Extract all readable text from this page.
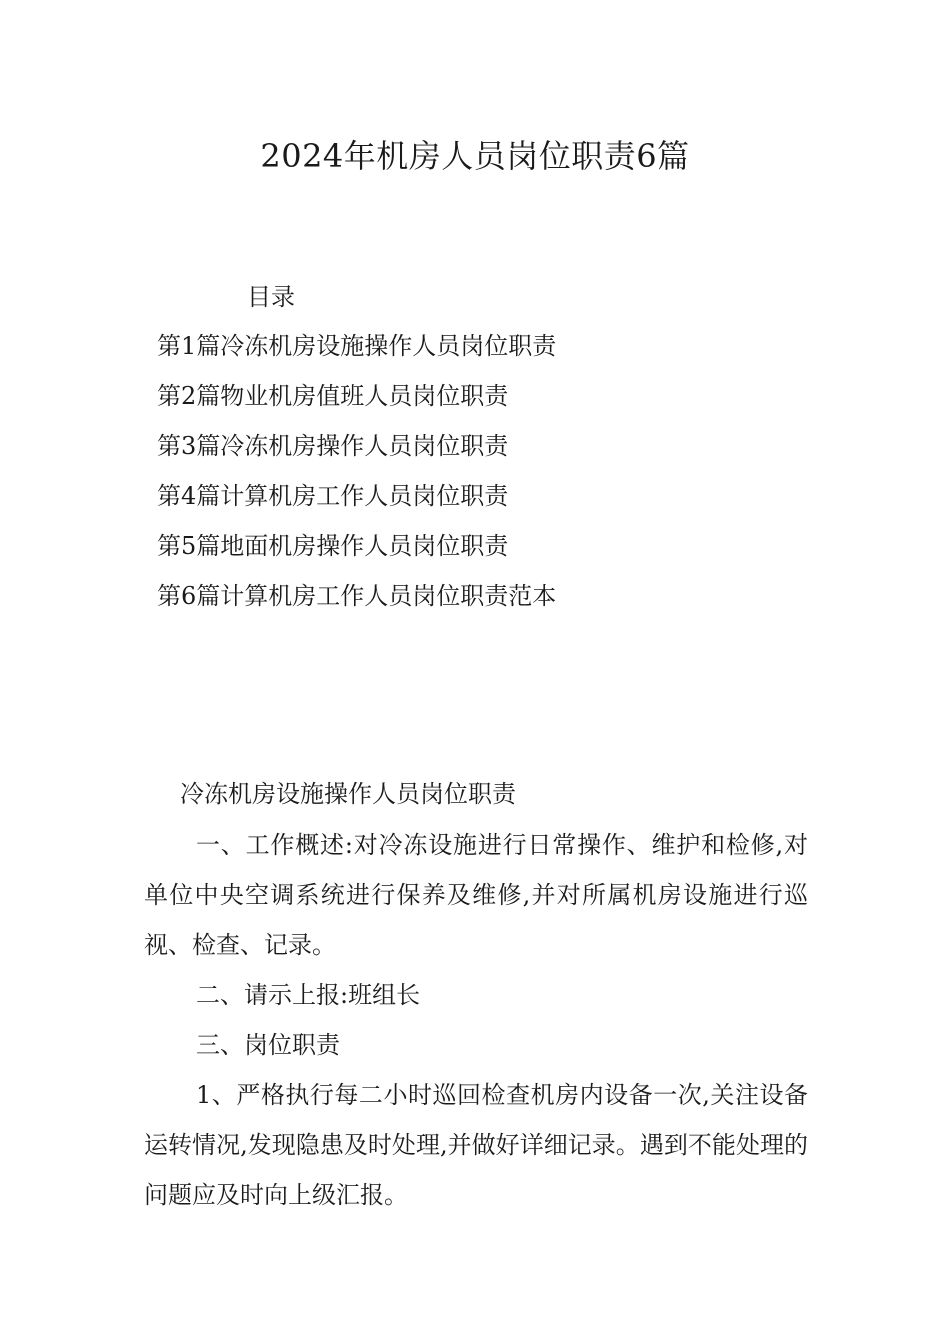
2024年机房人员岗位职责6篇
目录
第1篇冷冻机房设施操作人员岗位职责
第2篇物业机房值班人员岗位职责
第3篇冷冻机房操作人员岗位职责
第4篇计算机房工作人员岗位职责
第5篇地面机房操作人员岗位职责
第6篇计算机房工作人员岗位职责范本
冷冻机房设施操作人员岗位职责

一、工作概述:对冷冻设施进行日常操作、维护和检修,对单位中央空调系统进行保养及维修,并对所属机房设施进行巡视、检查、记录。

二、请示上报:班组长

三、岗位职责

1、严格执行每二小时巡回检查机房内设备一次,关注设备运转情况,发现隐患及时处理,并做好详细记录。遇到不能处理的问题应及时向上级汇报。
